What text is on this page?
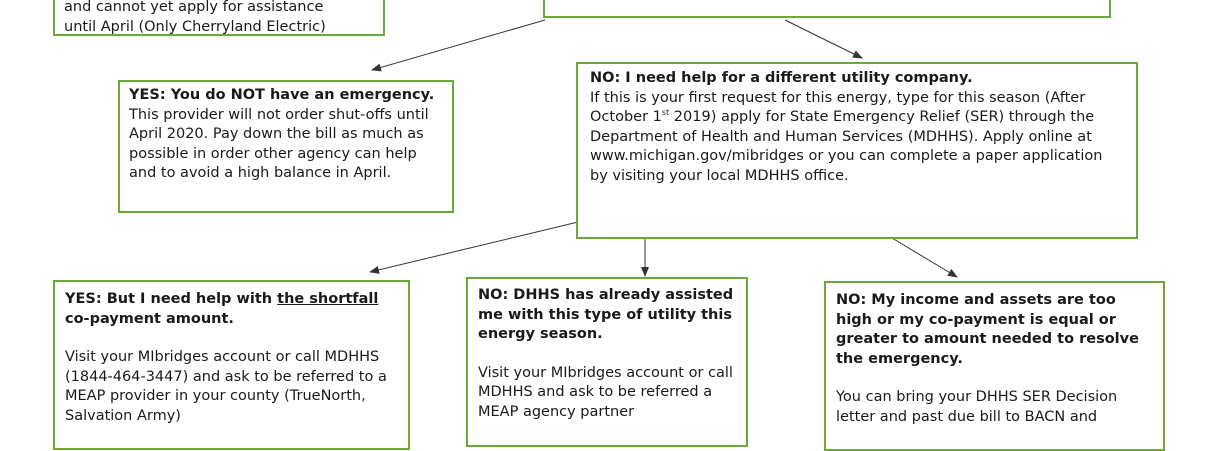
and cannot yet apply for assistance

until April (Only Cherryland Electric)

YES: You do NOT have an emergency.

This provider will not order shut-offs until April 2020. Pay down the bill as much as possible in order other agency can help and to avoid a high balance in April.

NO: I need help for a different utility company.

If this is your first request for this energy, type for this season (After October 1st 2019) apply for State Emergency Relief (SER) through the Department of Health and Human Services (MDHHS). Apply online at www.michigan.gov/mibridges or you can complete a paper application by visiting your local MDHHS office.

YES: But I need help with the shortfall co-payment amount.

Visit your MIbridges account or call MDHHS (1844-464-3447) and ask to be referred to a MEAP provider in your county (TrueNorth, Salvation Army)

NO: DHHS has already assisted me with this type of utility this energy season.

Visit your MIbridges account or call MDHHS and ask to be referred a MEAP agency partner

NO: My income and assets are too high or my co-payment is equal or greater to amount needed to resolve the emergency.

You can bring your DHHS SER Decision letter and past due bill to BACN and
